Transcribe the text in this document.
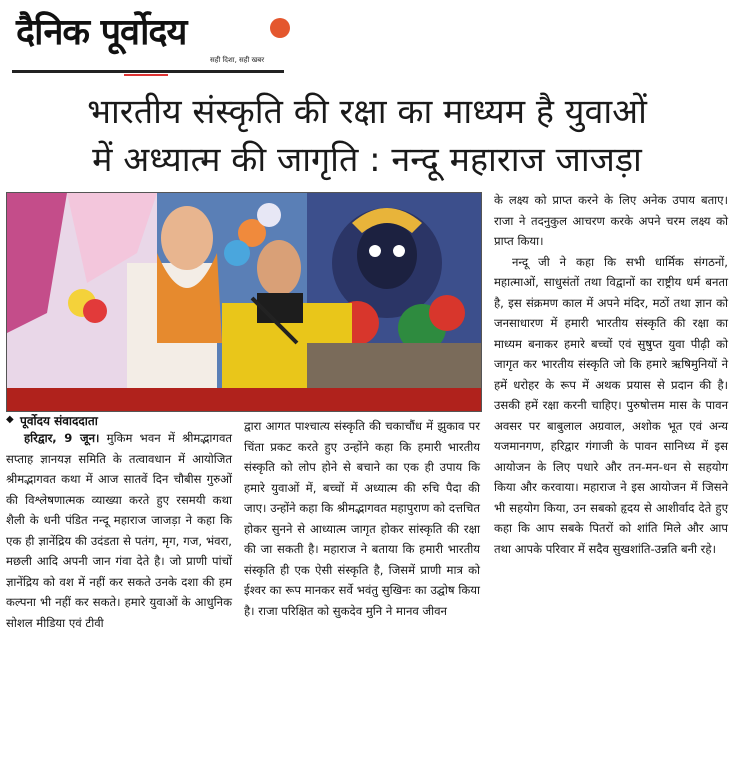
दैनिक पूर्वोदय
सही दिशा, सही खबर
भारतीय संस्कृति की रक्षा का माध्यम है युवाओं
में अध्यात्म की जागृति : नन्दू महाराज जाजड़ा
◆ पूर्वोदय संवाददाता

हरिद्वार, 9 जून। मुकिम भवन में श्रीमद्भागवत सप्ताह ज्ञानयज्ञ समिति के तत्वावधान में आयोजित श्रीमद्भागवत कथा में आज सातवें दिन चौबीस गुरुओं की विश्लेषणात्मक व्याख्या करते हुए रसमयी कथा शैली के धनी पंडित नन्दू महाराज जाजड़ा ने कहा कि एक ही ज्ञानेंद्रिय की उदंडता से पतंग, मृग, गज, भंवरा, मछली आदि अपनी जान गंवा देते है। जो प्राणी पांचों ज्ञानेंद्रिय को वश में नहीं कर सकते उनके दशा की हम कल्पना भी नहीं कर सकते। हमारे युवाओं के आधुनिक सोशल मीडिया एवं टीवी

द्वारा आगत पाश्चात्य संस्कृति की चकाचौंध में झुकाव पर चिंता प्रकट करते हुए उन्होंने कहा कि हमारी भारतीय संस्कृति को लोप होने से बचाने का एक ही उपाय कि हमारे युवाओं में, बच्चों में अध्यात्म की रुचि पैदा की जाए। उन्होंने कहा कि श्रीमद्भागवत महापुराण को दत्तचित होकर सुनने से आध्यात्म जागृत होकर सांस्कृति की रक्षा की जा सकती है। महाराज ने बताया कि हमारी भारतीय संस्कृति ही एक ऐसी संस्कृति है, जिसमें प्राणी मात्र को ईश्वर का रूप मानकर सर्वे भवंतु सुखिनः का उद्घोष किया है। राजा परिक्षित को सुकदेव मुनि ने मानव जीवन

के लक्ष्य को प्राप्त करने के लिए अनेक उपाय बताए। राजा ने तदनुकुल आचरण करके अपने चरम लक्ष्य को प्राप्त किया।

नन्दू जी ने कहा कि सभी धार्मिक संगठनों, महात्माओं, साधुसंतों तथा विद्वानों का राष्ट्रीय धर्म बनता है, इस संक्रमण काल में अपने मंदिर, मठों तथा ज्ञान को जनसाधारण में हमारी भारतीय संस्कृति की रक्षा का माध्यम बनाकर हमारे बच्चों एवं सुषुप्त युवा पीढ़ी को जागृत कर भारतीय संस्कृति जो कि हमारे ऋषिमुनियों ने हमें धरोहर के रूप में अथक प्रयास से प्रदान की है। उसकी हमें रक्षा करनी चाहिए। पुरुषोत्तम मास के पावन अवसर पर बाबुलाल अग्रवाल, अशोक भूत एवं अन्य यजमानगण, हरिद्वार गंगाजी के पावन सानिध्य में इस आयोजन के लिए पधारे और तन-मन-धन से सहयोग किया और करवाया। महाराज ने इस आयोजन में जिसने भी सहयोग किया, उन सबको हृदय से आशीर्वाद देते हुए कहा कि आप सबके पितरों को शांति मिले और आप तथा आपके परिवार में सदैव सुखशांति-उन्नति बनी रहे।
